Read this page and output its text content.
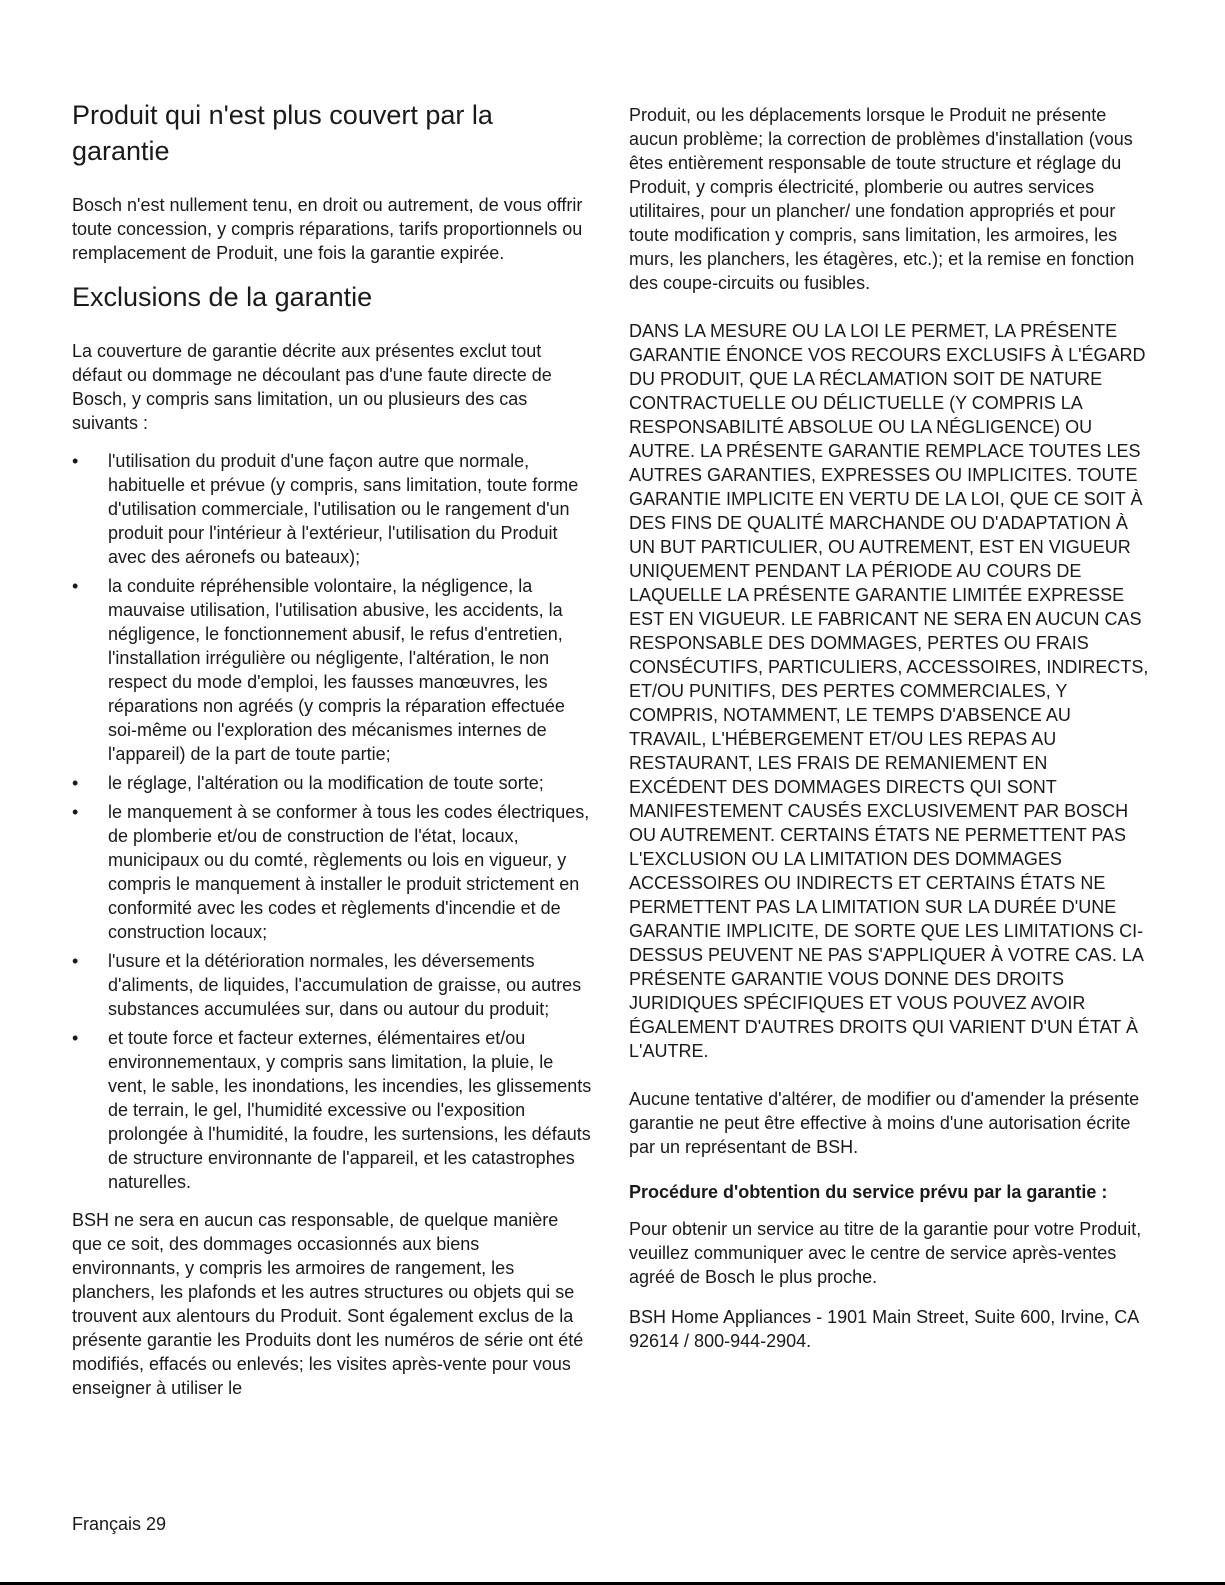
Produit qui n'est plus couvert par la garantie

Bosch n'est nullement tenu, en droit ou autrement, de vous offrir toute concession, y compris réparations, tarifs proportionnels ou remplacement de Produit, une fois la garantie expirée.

Exclusions de la garantie

La couverture de garantie décrite aux présentes exclut tout défaut ou dommage ne découlant pas d'une faute directe de Bosch, y compris sans limitation, un ou plusieurs des cas suivants :

•	l'utilisation du produit d'une façon autre que normale, habituelle et prévue (y compris, sans limitation, toute forme d'utilisation commerciale, l'utilisation ou le rangement d'un produit pour l'intérieur à l'extérieur, l'utilisation du Produit avec des aéronefs ou bateaux);
•	la conduite répréhensible volontaire, la négligence, la mauvaise utilisation, l'utilisation abusive, les accidents, la négligence, le fonctionnement abusif, le refus d'entretien, l'installation irrégulière ou négligente, l'altération, le non respect du mode d'emploi, les fausses manœuvres, les réparations non agréés (y compris la réparation effectuée soi-même ou l'exploration des mécanismes internes de l'appareil) de la part de toute partie;
•	le réglage, l'altération ou la modification de toute sorte;
•	le manquement à se conformer à tous les codes électriques, de plomberie et/ou de construction de l'état, locaux, municipaux ou du comté, règlements ou lois en vigueur, y compris le manquement à installer le produit strictement en conformité avec les codes et règlements d'incendie et de construction locaux;
•	l'usure et la détérioration normales, les déversements d'aliments, de liquides, l'accumulation de graisse, ou autres substances accumulées sur, dans ou autour du produit;
•	et toute force et facteur externes, élémentaires et/ou environnementaux, y compris sans limitation, la pluie, le vent, le sable, les inondations, les incendies, les glissements de terrain, le gel, l'humidité excessive ou l'exposition prolongée à l'humidité, la foudre, les surtensions, les défauts de structure environnante de l'appareil, et les catastrophes naturelles.

BSH ne sera en aucun cas responsable, de quelque manière que ce soit, des dommages occasionnés aux biens environnants, y compris les armoires de rangement, les planchers, les plafonds et les autres structures ou objets qui se trouvent aux alentours du Produit. Sont également exclus de la présente garantie les Produits dont les numéros de série ont été modifiés, effacés ou enlevés; les visites après-vente pour vous enseigner à utiliser le

Produit, ou les déplacements lorsque le Produit ne présente aucun problème; la correction de problèmes d'installation (vous êtes entièrement responsable de toute structure et réglage du Produit, y compris électricité, plomberie ou autres services utilitaires, pour un plancher/ une fondation appropriés et pour toute modification y compris, sans limitation, les armoires, les murs, les planchers, les étagères, etc.); et la remise en fonction des coupe-circuits ou fusibles.

DANS LA MESURE OU LA LOI LE PERMET, LA PRÉSENTE GARANTIE ÉNONCE VOS RECOURS EXCLUSIFS À L'ÉGARD DU PRODUIT, QUE LA RÉCLAMATION SOIT DE NATURE CONTRACTUELLE OU DÉLICTUELLE (Y COMPRIS LA RESPONSABILITÉ ABSOLUE OU LA NÉGLIGENCE) OU AUTRE. LA PRÉSENTE GARANTIE REMPLACE TOUTES LES AUTRES GARANTIES, EXPRESSES OU IMPLICITES. TOUTE GARANTIE IMPLICITE EN VERTU DE LA LOI, QUE CE SOIT À DES FINS DE QUALITÉ MARCHANDE OU D'ADAPTATION À UN BUT PARTICULIER, OU AUTREMENT, EST EN VIGUEUR UNIQUEMENT PENDANT LA PÉRIODE AU COURS DE LAQUELLE LA PRÉSENTE GARANTIE LIMITÉE EXPRESSE EST EN VIGUEUR. LE FABRICANT NE SERA EN AUCUN CAS RESPONSABLE DES DOMMAGES, PERTES OU FRAIS CONSÉCUTIFS, PARTICULIERS, ACCESSOIRES, INDIRECTS, ET/OU PUNITIFS, DES PERTES COMMERCIALES, Y COMPRIS, NOTAMMENT, LE TEMPS D'ABSENCE AU TRAVAIL, L'HÉBERGEMENT ET/OU LES REPAS AU RESTAURANT, LES FRAIS DE REMANIEMENT EN EXCÉDENT DES DOMMAGES DIRECTS QUI SONT MANIFESTEMENT CAUSÉS EXCLUSIVEMENT PAR BOSCH OU AUTREMENT. CERTAINS ÉTATS NE PERMETTENT PAS L'EXCLUSION OU LA LIMITATION DES DOMMAGES ACCESSOIRES OU INDIRECTS ET CERTAINS ÉTATS NE PERMETTENT PAS LA LIMITATION SUR LA DURÉE D'UNE GARANTIE IMPLICITE, DE SORTE QUE LES LIMITATIONS CI-DESSUS PEUVENT NE PAS S'APPLIQUER À VOTRE CAS. LA PRÉSENTE GARANTIE VOUS DONNE DES DROITS JURIDIQUES SPÉCIFIQUES ET VOUS POUVEZ AVOIR ÉGALEMENT D'AUTRES DROITS QUI VARIENT D'UN ÉTAT À L'AUTRE.

Aucune tentative d'altérer, de modifier ou d'amender la présente garantie ne peut être effective à moins d'une autorisation écrite par un représentant de BSH.

Procédure d'obtention du service prévu par la garantie :

Pour obtenir un service au titre de la garantie pour votre Produit, veuillez communiquer avec le centre de service après-ventes agréé de Bosch le plus proche.

BSH Home Appliances - 1901 Main Street, Suite 600, Irvine, CA 92614 / 800-944-2904.

Français 29
